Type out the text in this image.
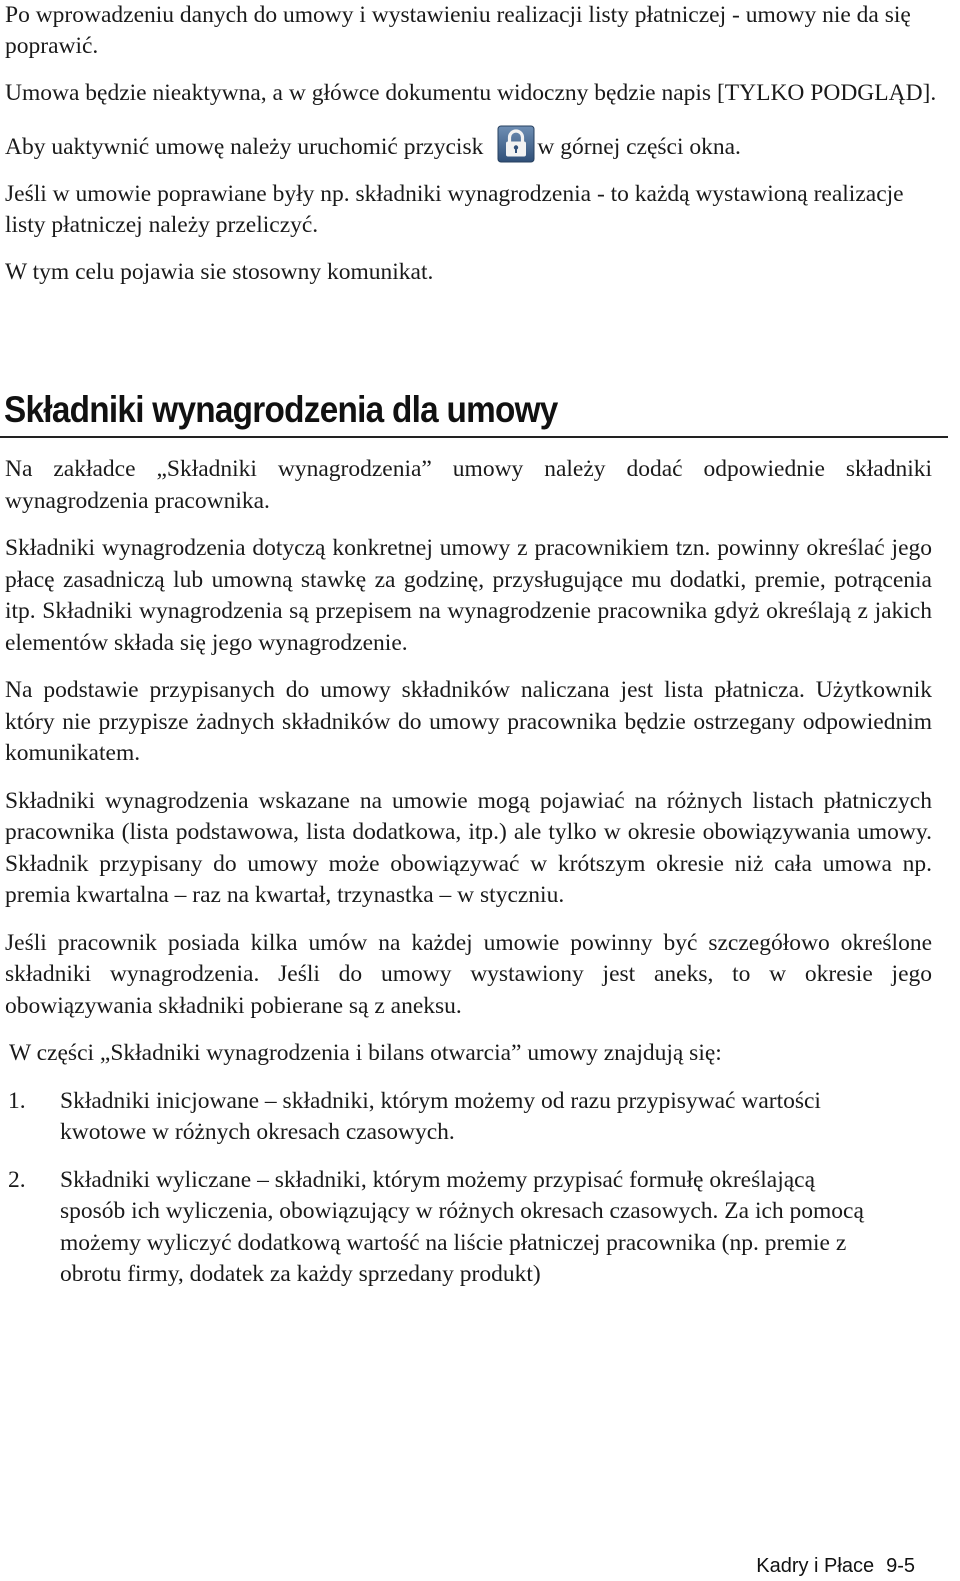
Po wprowadzeniu danych do umowy i wystawieniu realizacji listy płatniczej - umowy nie da się poprawić.

Umowa będzie nieaktywna, a w główce dokumentu widoczny będzie napis [TYLKO PODGLĄD].

Aby uaktywnić umowę należy uruchomić przycisk w górnej części okna.

Jeśli w umowie poprawiane były np. składniki wynagrodzenia - to każdą wystawioną realizacje listy płatniczej należy przeliczyć.

W tym celu pojawia sie stosowny komunikat.

Składniki wynagrodzenia dla umowy

Na zakładce „Składniki wynagrodzenia” umowy należy dodać odpowiednie składniki wynagrodzenia pracownika.

Składniki wynagrodzenia dotyczą konkretnej umowy z pracownikiem tzn. powinny określać jego płacę zasadniczą lub umowną stawkę za godzinę, przysługujące mu dodatki, premie, potrącenia itp. Składniki wynagrodzenia są przepisem na wynagrodzenie pracownika gdyż określają z jakich elementów składa się jego wynagrodzenie.

Na podstawie przypisanych do umowy składników naliczana jest lista płatnicza. Użytkownik który nie przypisze żadnych składników do umowy pracownika będzie ostrzegany odpowiednim komunikatem.

Składniki wynagrodzenia wskazane na umowie mogą pojawiać na różnych listach płatniczych pracownika (lista podstawowa, lista dodatkowa, itp.) ale tylko w okresie obowiązywania umowy. Składnik przypisany do umowy może obowiązywać w krótszym okresie niż cała umowa np. premia kwartalna – raz na kwartał, trzynastka – w styczniu.

Jeśli pracownik posiada kilka umów na każdej umowie powinny być szczegółowo określone składniki wynagrodzenia. Jeśli do umowy wystawiony jest aneks, to w okresie jego obowiązywania składniki pobierane są z aneksu.

W części „Składniki wynagrodzenia i bilans otwarcia” umowy znajdują się:

1.	Składniki inicjowane – składniki, którym możemy od razu przypisywać wartości kwotowe w różnych okresach czasowych.
2.	Składniki wyliczane – składniki, którym możemy przypisać formułę określającą sposób ich wyliczenia, obowiązujący w różnych okresach czasowych. Za ich pomocą możemy wyliczyć dodatkową wartość na liście płatniczej pracownika (np. premie z obrotu firmy, dodatek za każdy sprzedany produkt)
Kadry i Płace 9-5
